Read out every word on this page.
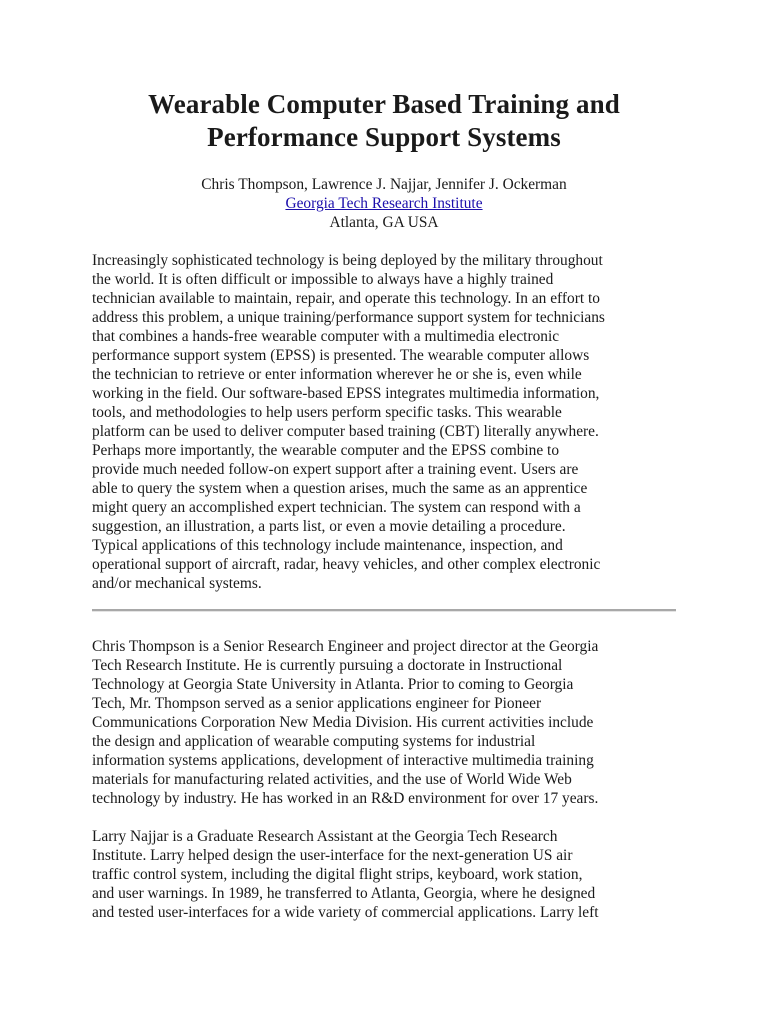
Wearable Computer Based Training and
Performance Support Systems
Chris Thompson, Lawrence J. Najjar, Jennifer J. Ockerman
Georgia Tech Research Institute
Atlanta, GA USA

Increasingly sophisticated technology is being deployed by the military throughout
the world. It is often difficult or impossible to always have a highly trained
technician available to maintain, repair, and operate this technology. In an effort to
address this problem, a unique training/performance support system for technicians
that combines a hands-free wearable computer with a multimedia electronic
performance support system (EPSS) is presented. The wearable computer allows
the technician to retrieve or enter information wherever he or she is, even while
working in the field. Our software-based EPSS integrates multimedia information,
tools, and methodologies to help users perform specific tasks. This wearable
platform can be used to deliver computer based training (CBT) literally anywhere.
Perhaps more importantly, the wearable computer and the EPSS combine to
provide much needed follow-on expert support after a training event. Users are
able to query the system when a question arises, much the same as an apprentice
might query an accomplished expert technician. The system can respond with a
suggestion, an illustration, a parts list, or even a movie detailing a procedure.
Typical applications of this technology include maintenance, inspection, and
operational support of aircraft, radar, heavy vehicles, and other complex electronic
and/or mechanical systems.

Chris Thompson is a Senior Research Engineer and project director at the Georgia
Tech Research Institute. He is currently pursuing a doctorate in Instructional
Technology at Georgia State University in Atlanta. Prior to coming to Georgia
Tech, Mr. Thompson served as a senior applications engineer for Pioneer
Communications Corporation New Media Division. His current activities include
the design and application of wearable computing systems for industrial
information systems applications, development of interactive multimedia training
materials for manufacturing related activities, and the use of World Wide Web
technology by industry. He has worked in an R&D environment for over 17 years.

Larry Najjar is a Graduate Research Assistant at the Georgia Tech Research
Institute. Larry helped design the user-interface for the next-generation US air
traffic control system, including the digital flight strips, keyboard, work station,
and user warnings. In 1989, he transferred to Atlanta, Georgia, where he designed
and tested user-interfaces for a wide variety of commercial applications. Larry left
